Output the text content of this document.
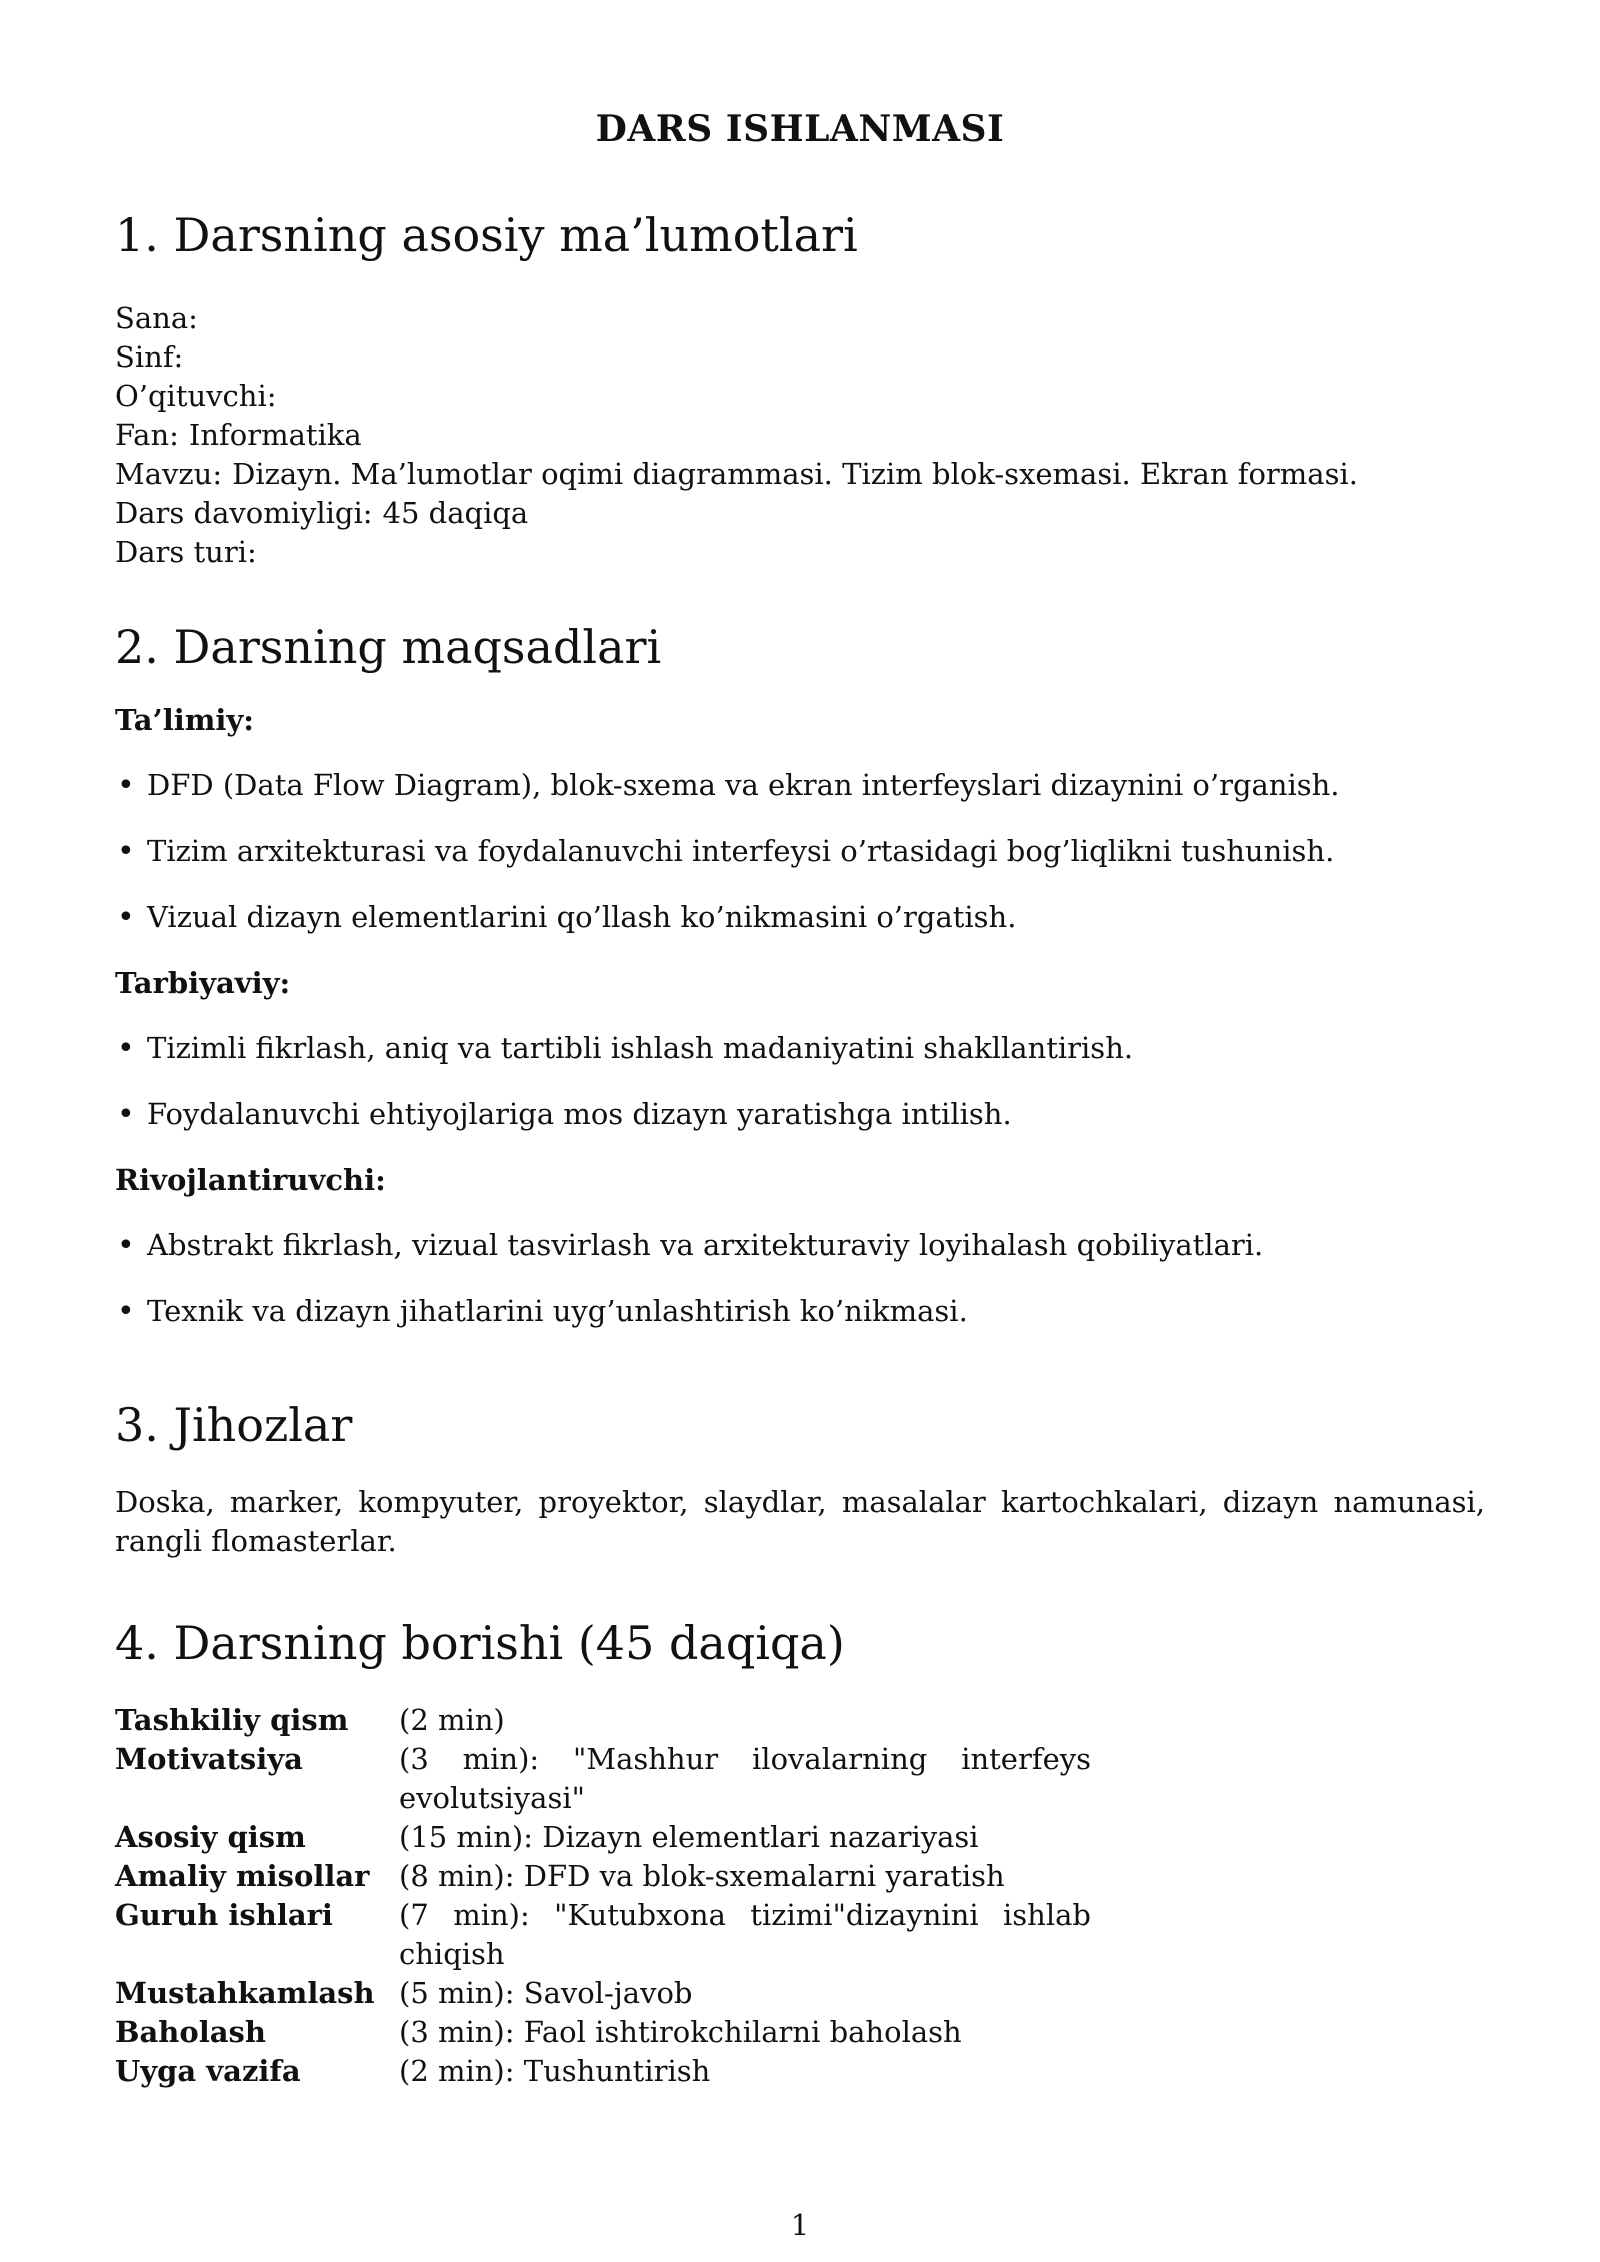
DARS ISHLANMASI
1. Darsning asosiy ma’lumotlari
Sana:
Sinf:
O’qituvchi:
Fan: Informatika
Mavzu: Dizayn. Ma’lumotlar oqimi diagrammasi. Tizim blok-sxemasi. Ekran formasi.
Dars davomiyligi: 45 daqiqa
Dars turi:
2. Darsning maqsadlari

Ta’limiy:

• DFD (Data Flow Diagram), blok-sxema va ekran interfeyslari dizaynini o’rganish.
• Tizim arxitekturasi va foydalanuvchi interfeysi o’rtasidagi bog’liqlikni tushunish.
• Vizual dizayn elementlarini qo’llash ko’nikmasini o’rgatish.

Tarbiyaviy:

• Tizimli fikrlash, aniq va tartibli ishlash madaniyatini shakllantirish.
• Foydalanuvchi ehtiyojlariga mos dizayn yaratishga intilish.

Rivojlantiruvchi:

• Abstrakt fikrlash, vizual tasvirlash va arxitekturaviy loyihalash qobiliyatlari.
• Texnik va dizayn jihatlarini uyg’unlashtirish ko’nikmasi.
3. Jihozlar

Doska, marker, kompyuter, proyektor, slaydlar, masalalar kartochkalari, dizayn namunasi, rangli flomasterlar.

4. Darsning borishi (45 daqiqa)
Tashkiliy qism	(2 min)
Motivatsiya	(3 min): "Mashhur ilovalarning interfeys evolutsiyasi"
Asosiy qism	(15 min): Dizayn elementlari nazariyasi
Amaliy misollar	(8 min): DFD va blok-sxemalarni yaratish
Guruh ishlari	(7 min): "Kutubxona tizimi"dizaynini ishlab chiqish
Mustahkamlash	(5 min): Savol-javob
Baholash	(3 min): Faol ishtirokchilarni baholash
Uyga vazifa	(2 min): Tushuntirish
1
